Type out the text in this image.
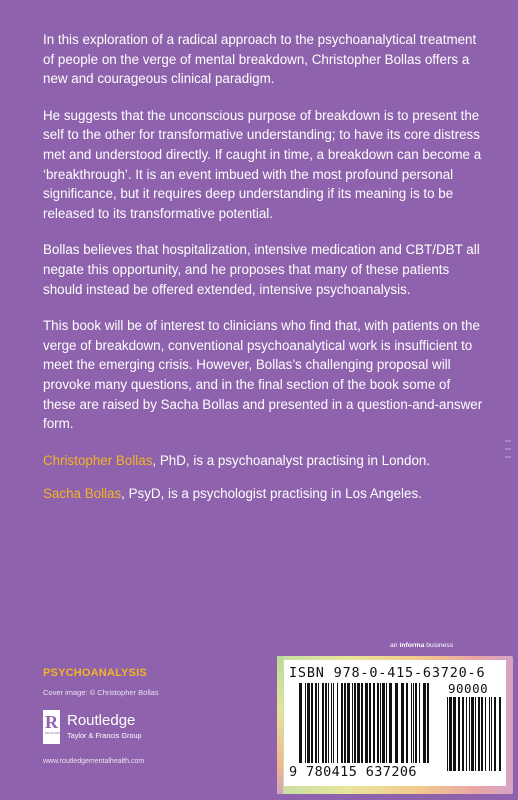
In this exploration of a radical approach to the psychoanalytical treatment of people on the verge of mental breakdown, Christopher Bollas offers a new and courageous clinical paradigm.

He suggests that the unconscious purpose of breakdown is to present the self to the other for transformative understanding; to have its core distress met and understood directly. If caught in time, a breakdown can become a ‘breakthrough’. It is an event imbued with the most profound personal significance, but it requires deep understanding if its meaning is to be released to its transformative potential.

Bollas believes that hospitalization, intensive medication and CBT/DBT all negate this opportunity, and he proposes that many of these patients should instead be offered extended, intensive psychoanalysis.

This book will be of interest to clinicians who find that, with patients on the verge of breakdown, conventional psychoanalytical work is insufficient to meet the emerging crisis. However, Bollas’s challenging proposal will provoke many questions, and in the final section of the book some of these are raised by Sacha Bollas and presented in a question-and-answer form.

Christopher Bollas, PhD, is a psychoanalyst practising in London.

Sacha Bollas, PsyD, is a psychologist practising in Los Angeles.

an informa business
PSYCHOANALYSIS
Cover image: © Christopher Bollas
R
ROUTLEDGE
Routledge
Taylor & Francis Group
www.routledgementalhealth.com
ISBN 978-0-415-63720-6
90000
9 780415 637206
